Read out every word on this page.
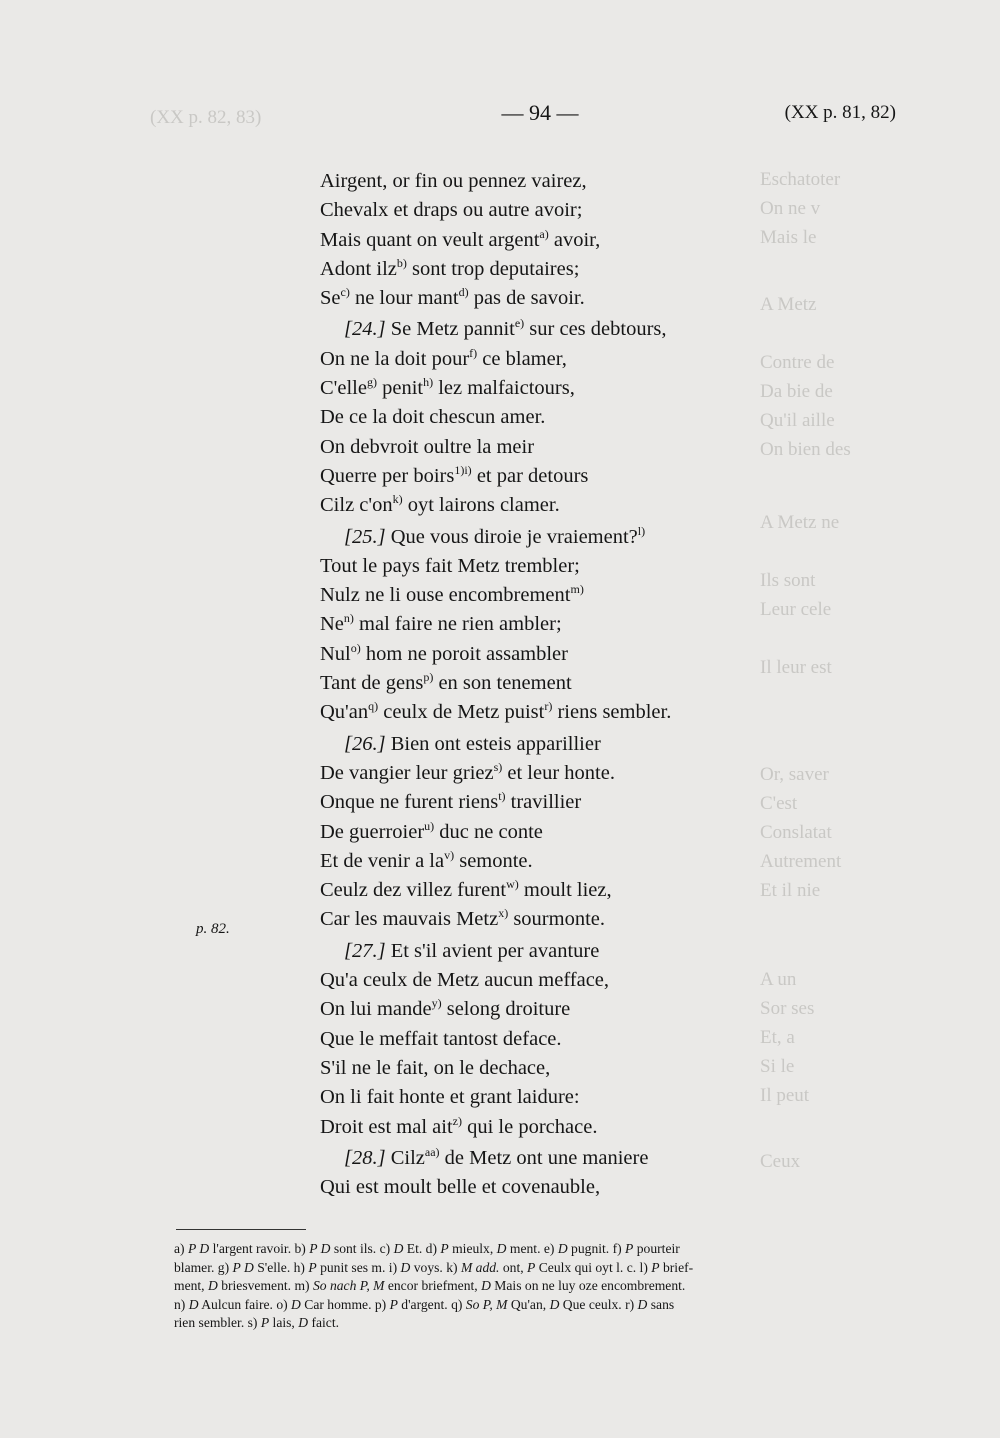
(XX p. 82, 83)
Eschatoter
On ne v
Mais le
A Metz
Contre de
Da bie de
Qu'il aille
On bien des
A Metz ne
Ils sont
Leur cele
Il leur est
Or, saver
C'est
Conslatat
Autrement
Et il nie
A un
Sor ses
Et, a
Si le
Il peut
Ceux
— 94 —	(XX p. 81, 82)
p. 82.
Airgent, or fin ou pennez vairez,
Chevalx et draps ou autre avoir;
Mais quant on veult argent$^{a)}$ avoir,
Adont ilz$^{b)}$ sont trop deputaires;
Se$^{c)}$ ne lour mant$^{d)}$ pas de savoir.
[24.] Se Metz pannit$^{e)}$ sur ces debtours,
On ne la doit pour$^{f)}$ ce blamer,
C'elle$^{g)}$ penit$^{h)}$ lez malfaictours,
De ce la doit chescun amer.
On debvroit oultre la meir
Querre per boirs$^{1)i)}$ et par detours
Cilz $c'on^{k)}$ oyt lairons clamer.
[25.] Que vous diroie je vraiement?$^{l)}$
Tout le pays fait Metz trembler;
Nulz ne li ouse encombrement$^{m)}$
Ne$^{n)}$ mal faire ne rien ambler;
Nul$^{o)}$ hom ne poroit assambler
Tant de gens$^{p)}$ en son tenement
$Qu'an^{q)}$ ceulx de Metz puist$^{r)}$ riens sembler.
[26.] Bien ont esteis apparillier
De vangier leur griez$^{s)}$ et leur honte.
Onque ne furent riens$^{t)}$ travillier
De guerroier$^{u)}$ duc ne conte
Et de venir a $la^{v)}$ semonte.
Ceulz dez villez furent$^{w)}$ moult liez,
Car les mauvais Metz$^{x)}$ sourmonte.
[27.] Et s'il avient per avanture
Qu'a ceulx de Metz aucun mefface,
On lui mande$^{y)}$ selong droiture
Que le meffait tantost deface.
S'il ne le fait, on le dechace,
On li fait honte et grant laidure:
Droit est mal ait$^{z)}$ qui le porchace.
[28.] Cilz$^{aa)}$ de Metz ont une maniere
Qui est moult belle et covenauble,
a) P D l'argent ravoir. b) P D sont ils. c) D Et. d) P mieulx, D ment. e) D pugnit. f) P pourteir
blamer. g) P D S'elle. h) P punit ses m. i) D voys. k) M add. ont, P Ceulx qui oyt l. c. l) P brief-
ment, D briesvement. m) So nach P, M encor briefment, D Mais on ne luy oze encombrement.
n) D Aulcun faire. o) D Car homme. p) P d'argent. q) So P, M Qu'an, D Que ceulx. r) D sans
rien sembler. s) P lais, D faict.
